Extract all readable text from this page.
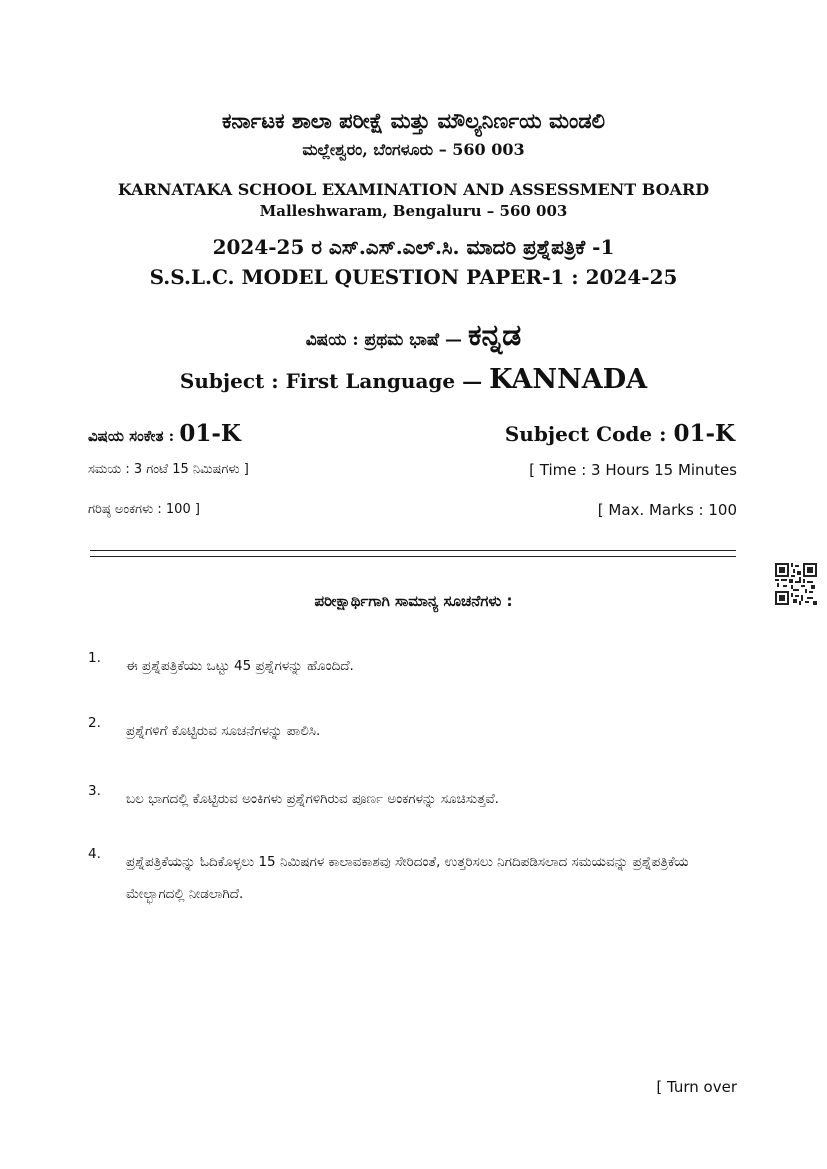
ಕರ್ನಾಟಕ ಶಾಲಾ ಪರೀಕ್ಷೆ ಮತ್ತು ಮೌಲ್ಯನಿರ್ಣಯ ಮಂಡಲಿ
ಮಲ್ಲೇಶ್ವರಂ, ಬೆಂಗಳೂರು – 560 003
KARNATAKA SCHOOL EXAMINATION AND ASSESSMENT BOARD
Malleshwaram, Bengaluru – 560 003
2024-25 ರ ಎಸ್.ಎಸ್.ಎಲ್.ಸಿ. ಮಾದರಿ ಪ್ರಶ್ನೆಪತ್ರಿಕೆ -1
S.S.L.C. MODEL QUESTION PAPER-1 : 2024-25
ವಿಷಯ : ಪ್ರಥಮ ಭಾಷೆ — ಕನ್ನಡ
Subject : First Language — KANNADA
ವಿಷಯ ಸಂಕೇತ : 01-K	Subject Code : 01-K
ಸಮಯ : 3 ಗಂಟೆ 15 ನಿಮಿಷಗಳು ]	[ Time : 3 Hours 15 Minutes
ಗರಿಷ್ಠ ಅಂಕಗಳು : 100 ]	[ Max. Marks : 100
ಪರೀಕ್ಷಾರ್ಥಿಗಾಗಿ ಸಾಮಾನ್ಯ ಸೂಚನೆಗಳು :
1.	ಈ ಪ್ರಶ್ನೆಪತ್ರಿಕೆಯು ಒಟ್ಟು 45 ಪ್ರಶ್ನೆಗಳನ್ನು ಹೊಂದಿದೆ.
2.	ಪ್ರಶ್ನೆಗಳಿಗೆ ಕೊಟ್ಟಿರುವ ಸೂಚನೆಗಳನ್ನು ಪಾಲಿಸಿ.
3.	ಬಲ ಭಾಗದಲ್ಲಿ ಕೊಟ್ಟಿರುವ ಅಂಕಿಗಳು ಪ್ರಶ್ನೆಗಳಿಗಿರುವ ಪೂರ್ಣ ಅಂಕಗಳನ್ನು ಸೂಚಿಸುತ್ತವೆ.
4.	ಪ್ರಶ್ನೆಪತ್ರಿಕೆಯನ್ನು ಓದಿಕೊಳ್ಳಲು 15 ನಿಮಿಷಗಳ ಕಾಲಾವಕಾಶವು ಸೇರಿದಂತೆ, ಉತ್ತರಿಸಲು ನಿಗದಿಪಡಿಸಲಾದ ಸಮಯವನ್ನು ಪ್ರಶ್ನೆಪತ್ರಿಕೆಯ ಮೇಲ್ಭಾಗದಲ್ಲಿ ನೀಡಲಾಗಿದೆ.
[ Turn over
